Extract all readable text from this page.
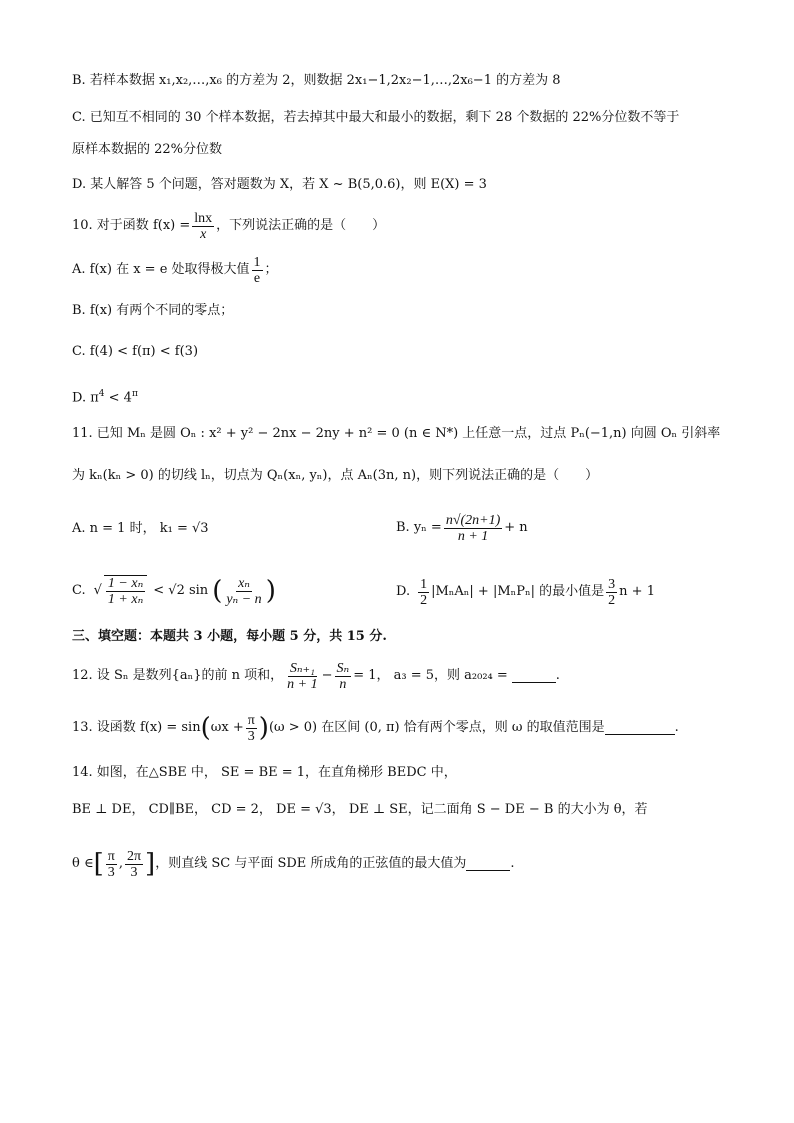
B. 若样本数据 x₁,x₂,…,x₆ 的方差为 2，则数据 2x₁−1,2x₂−1,…,2x₆−1 的方差为 8
C. 已知互不相同的 30 个样本数据，若去掉其中最大和最小的数据，剩下 28 个数据的 22%分位数不等于
原样本数据的 22%分位数
D. 某人解答 5 个问题，答对题数为 X，若 X ~ B(5,0.6)，则 E(X) = 3
10. 对于函数 $f(x) = \frac{\ln x}{x}$ ，下列说法正确的是（　　）
A. f(x) 在 x = e 处取得极大值 $\frac{1}{e}$ ；
B. f(x) 有两个不同的零点；
C. f(4) < f(π) < f(3)
D. $\pi^4 < 4^\pi$
11. 已知 Mₙ 是圆 Oₙ : x² + y² − 2nx − 2ny + n² = 0 (n ∈ N*) 上任意一点，过点 Pₙ(−1,n) 向圆 Oₙ 引斜率
为 kₙ(kₙ > 0) 的切线 lₙ，切点为 Qₙ(xₙ, yₙ)，点 Aₙ(3n, n)，则下列说法正确的是（　　）
A. n = 1 时， k₁ = √3	B. $y_n = \frac{n√(2n+1)}{n + 1} + n$
C. √ $\frac{\text{1 − xₙ}}{\text{1 + xₙ}} < √2$ sin ( $\frac{\text{xₙ}}{\text{yₙ − n}}$ )	D. $\frac{1}{2} |M_nA_n| + |M_nP_n|$ 的最小值是 $\frac{3}{2}$ n + 1
三、填空题：本题共 3 小题，每小题 5 分，共 15 分.
12. 设 Sₙ 是数列{aₙ}的前 n 项和， $\frac{\text{Sₙ₊₁}}{n + 1} - \frac{\text{Sₙ}}{n} = 1$， a₃ = 5，则 a₂₀₂₄ =	.
13. 设函数 f(x) = sin ( $\omega x + \frac{\pi}{3}$ ) (ω > 0) 在区间 (0, π) 恰有两个零点，则 ω 的取值范围是	.
14. 如图，在△SBE 中， SE = BE = 1，在直角梯形 BEDC 中，
BE ⊥ DE， CD∥BE， CD = 2， DE = √3， DE ⊥ SE，记二面角 S − DE − B 的大小为 θ，若
θ ∈ [ $\frac{\pi}{3}$ , $\frac{2\pi}{3}$ ] ，则直线 SC 与平面 SDE 所成角的正弦值的最大值为	.
